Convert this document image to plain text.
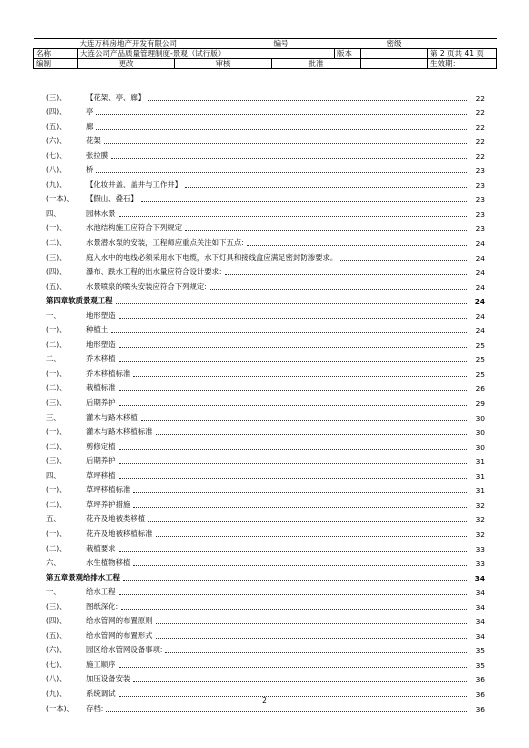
	大连万科房地产开发有限公司		编号		密级	
名称	大连公司产品质量管理制度-景观（试行版）			版本		第 2 页共 41 页
编制	更改	审核	批准			生效期：
(三)、	【花架、亭、廊】	22
(四)、	亭	22
(五)、	廊	22
(六)、	花架	22
(七)、	张拉膜	22
(八)、	桥	23
(九)、	【化妆井盖、盖井与工作井】	23
(一本)、	【假山、叠石】	23
四、	园林水景	23
(一)、	水池结构施工应符合下列规定	23
(二)、	水景潜水泵的安装，工程师应重点关注如下五点:	24
(三)、	庭入水中的电线必须采用水下电缆，水下灯具和接线盒应满足密封防渗要求。	24
(四)、	瀑布、跌水工程的出水量应符合设计要求:	24
(五)、	水景喷泉的喷头安装应符合下列规定:	24
第四章 软质景观工程	24
一、	地形塑造	24
(一)、	种植土	24
(二)、	地形塑造	25
二、	乔木移植	25
(一)、	乔木移植标准	25
(二)、	栽植标准	26
(三)、	后期养护	29
三、	灌木与路木移植	30
(一)、	灌木与路木移植标准	30
(二)、	剪修定植	30
(三)、	后期养护	31
四、	草坪移植	31
(一)、	草坪移植标准	31
(二)、	草坪养护措施	32
五、	花卉及地被类移植	32
(一)、	花卉及地被移植标准	32
(二)、	栽植要求	33
六、	水生植物移植	33
第五章 景观给排水工程	34
一、	给水工程	34
(三)、	图纸深化:	34
(四)、	给水管网的布置原则	34
(五)、	给水管网的布置形式	34
(六)、	园区给水管网设备事项:	35
(七)、	施工顺序	35
(八)、	加压设备安装	36
(九)、	系统调试	36
(一本)、	存档:	36
2
